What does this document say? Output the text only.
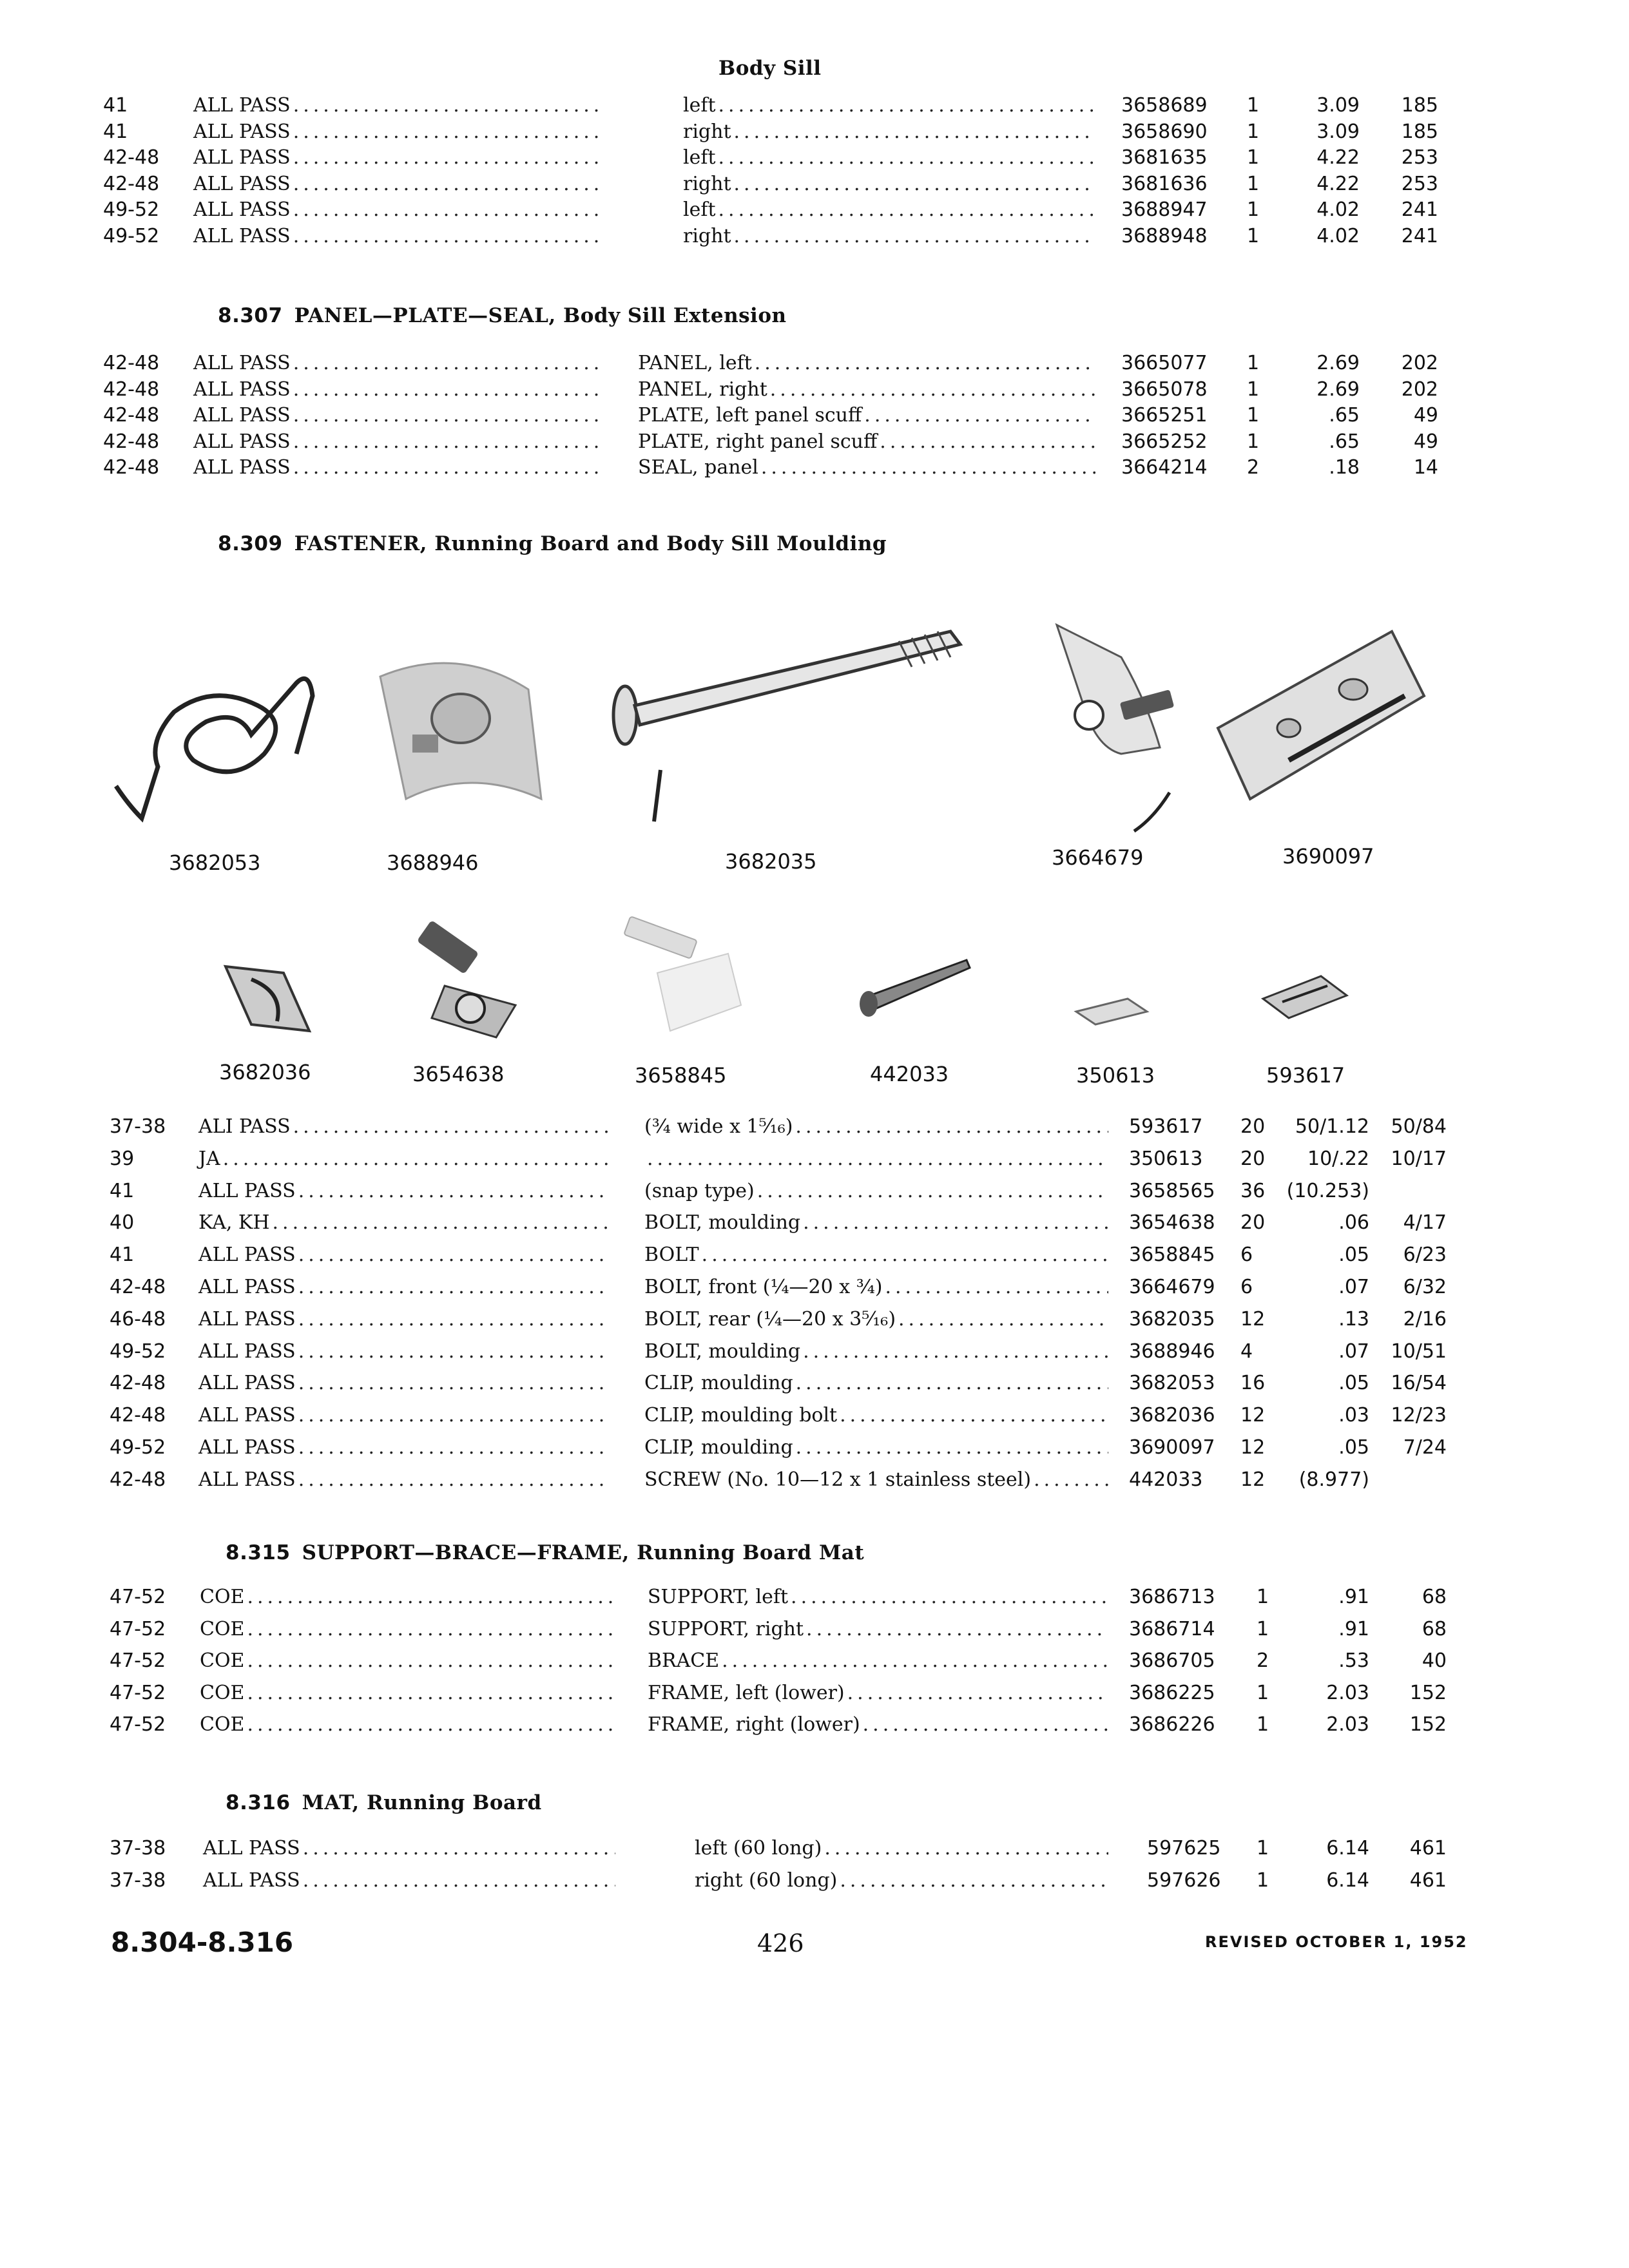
Body Sill
41	ALL PASS .....	left .....	3658689 1	3.09	185
41	ALL PASS .....	right .....	3658690 1	3.09	185
42-48 ALL PASS .....	left .....	3681635 1	4.22	253
42-48 ALL PASS .....	right .....	3681636 1	4.22	253
49-52 ALL PASS .....	left .....	3688947 1	4.02	241
49-52 ALL PASS .....	right .....	3688948 1	4.02	241
8.307 PANEL—PLATE—SEAL, Body Sill Extension
42-48 ALL PASS .....	PANEL, left .....	3665077 1	2.69	202
42-48 ALL PASS .....	PANEL, right .....	3665078 1	2.69	202
42-48 ALL PASS .....	PLATE, left panel scuff .....	3665251 1	.65	49
42-48 ALL PASS .....	PLATE, right panel scuff .....	3665252 1	.65	49
42-48 ALL PASS .....	SEAL, panel .....	3664214 2	.18	14
8.309 FASTENER, Running Board and Body Sill Moulding
3682053	3688946	3682035	3664679	3690097
3682036	3654638	3658845	442033	350613	593617
37-38 ALI PASS .....	(¾ wide x 1⁵⁄₁₆) .....	593617 20	50/1.12	50/84
39	JA ..... .....	350613 20	10/.22	10/17
41	ALL PASS .....	(snap type) .....	3658565 36	(10.253)
40	KA, KH .....	BOLT, moulding .....	3654638 20	.06	4/17
41	ALL PASS .....	BOLT .....	3658845 6	.05	6/23
42-48 ALL PASS .....	BOLT, front (¼—20 x ¾) .....	3664679 6	.07	6/32
46-48 ALL PASS .....	BOLT, rear (¼—20 x 3⁵⁄₁₆) .....	3682035 12	.13	2/16
49-52 ALL PASS .....	BOLT, moulding .....	3688946 4	.07	10/51
42-48 ALL PASS .....	CLIP, moulding .....	3682053 16	.05	16/54
42-48 ALL PASS .....	CLIP, moulding bolt .....	3682036 12	.03	12/23
49-52 ALL PASS .....	CLIP, moulding .....	3690097 12	.05	7/24
42-48 ALL PASS .....	SCREW (No. 10—12 x 1 stainless steel) .....	442033 12	(8.977)
8.315 SUPPORT—BRACE—FRAME, Running Board Mat
47-52 COE .....	SUPPORT, left .....	3686713 1	.91	68
47-52 COE .....	SUPPORT, right .....	3686714 1	.91	68
47-52 COE .....	BRACE .....	3686705 2	.53	40
47-52 COE .....	FRAME, left (lower) .....	3686225 1	2.03	152
47-52 COE .....	FRAME, right (lower) .....	3686226 1	2.03	152
8.316 MAT, Running Board
37-38 ALL PASS .....	left (60 long) .....	597625 1	6.14	461
37-38 ALL PASS .....	right (60 long) .....	597626 1	6.14	461
8.304-8.316	426	REVISED OCTOBER 1, 1952
